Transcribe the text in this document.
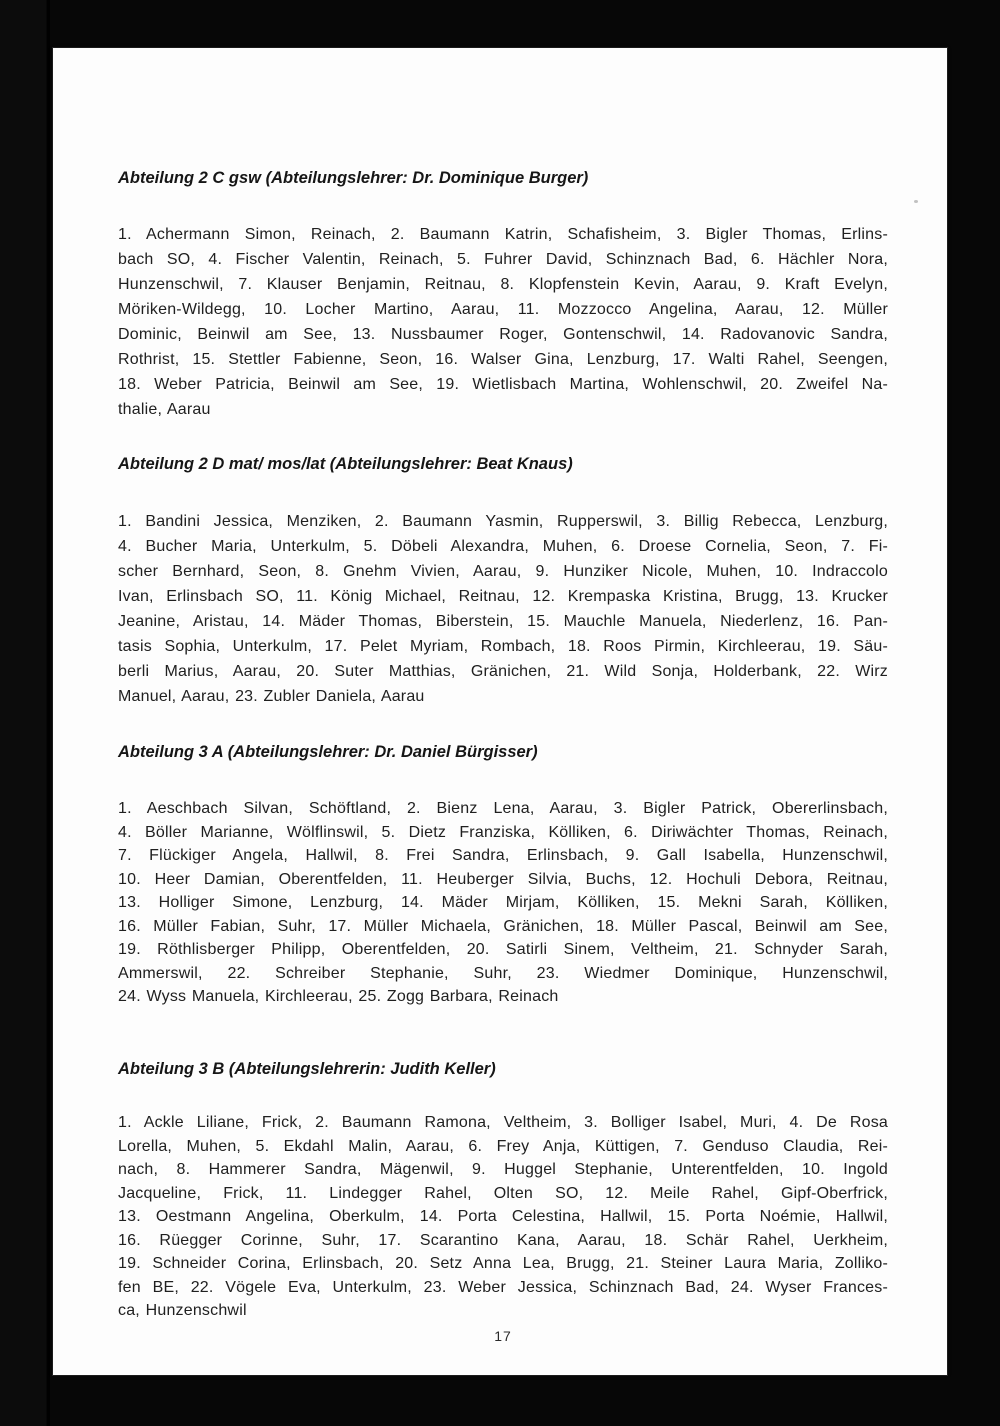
Abteilung 2 C gsw (Abteilungslehrer: Dr. Dominique Burger)
1. Achermann Simon, Reinach, 2. Baumann Katrin, Schafisheim, 3. Bigler Thomas, Erlins-
bach SO, 4. Fischer Valentin, Reinach, 5. Fuhrer David, Schinznach Bad, 6. Hächler Nora,
Hunzenschwil, 7. Klauser Benjamin, Reitnau, 8. Klopfenstein Kevin, Aarau, 9. Kraft Evelyn,
Möriken-Wildegg, 10. Locher Martino, Aarau, 11. Mozzocco Angelina, Aarau, 12. Müller
Dominic, Beinwil am See, 13. Nussbaumer Roger, Gontenschwil, 14. Radovanovic Sandra,
Rothrist, 15. Stettler Fabienne, Seon, 16. Walser Gina, Lenzburg, 17. Walti Rahel, Seengen,
18. Weber Patricia, Beinwil am See, 19. Wietlisbach Martina, Wohlenschwil, 20. Zweifel Na-
thalie, Aarau
Abteilung 2 D mat/ mos/lat (Abteilungslehrer: Beat Knaus)
1. Bandini Jessica, Menziken, 2. Baumann Yasmin, Rupperswil, 3. Billig Rebecca, Lenzburg,
4. Bucher Maria, Unterkulm, 5. Döbeli Alexandra, Muhen, 6. Droese Cornelia, Seon, 7. Fi-
scher Bernhard, Seon, 8. Gnehm Vivien, Aarau, 9. Hunziker Nicole, Muhen, 10. Indraccolo
Ivan, Erlinsbach SO, 11. König Michael, Reitnau, 12. Krempaska Kristina, Brugg, 13. Krucker
Jeanine, Aristau, 14. Mäder Thomas, Biberstein, 15. Mauchle Manuela, Niederlenz, 16. Pan-
tasis Sophia, Unterkulm, 17. Pelet Myriam, Rombach, 18. Roos Pirmin, Kirchleerau, 19. Säu-
berli Marius, Aarau, 20. Suter Matthias, Gränichen, 21. Wild Sonja, Holderbank, 22. Wirz
Manuel, Aarau, 23. Zubler Daniela, Aarau
Abteilung 3 A (Abteilungslehrer: Dr. Daniel Bürgisser)
1. Aeschbach Silvan, Schöftland, 2. Bienz Lena, Aarau, 3. Bigler Patrick, Obererlinsbach,
4. Böller Marianne, Wölflinswil, 5. Dietz Franziska, Kölliken, 6. Diriwächter Thomas, Reinach,
7. Flückiger Angela, Hallwil, 8. Frei Sandra, Erlinsbach, 9. Gall Isabella, Hunzenschwil,
10. Heer Damian, Oberentfelden, 11. Heuberger Silvia, Buchs, 12. Hochuli Debora, Reitnau,
13. Holliger Simone, Lenzburg, 14. Mäder Mirjam, Kölliken, 15. Mekni Sarah, Kölliken,
16. Müller Fabian, Suhr, 17. Müller Michaela, Gränichen, 18. Müller Pascal, Beinwil am See,
19. Röthlisberger Philipp, Oberentfelden, 20. Satirli Sinem, Veltheim, 21. Schnyder Sarah,
Ammerswil, 22. Schreiber Stephanie, Suhr, 23. Wiedmer Dominique, Hunzenschwil,
24. Wyss Manuela, Kirchleerau, 25. Zogg Barbara, Reinach
Abteilung 3 B (Abteilungslehrerin: Judith Keller)
1. Ackle Liliane, Frick, 2. Baumann Ramona, Veltheim, 3. Bolliger Isabel, Muri, 4. De Rosa
Lorella, Muhen, 5. Ekdahl Malin, Aarau, 6. Frey Anja, Küttigen, 7. Genduso Claudia, Rei-
nach, 8. Hammerer Sandra, Mägenwil, 9. Huggel Stephanie, Unterentfelden, 10. Ingold
Jacqueline, Frick, 11. Lindegger Rahel, Olten SO, 12. Meile Rahel, Gipf-Oberfrick,
13. Oestmann Angelina, Oberkulm, 14. Porta Celestina, Hallwil, 15. Porta Noémie, Hallwil,
16. Rüegger Corinne, Suhr, 17. Scarantino Kana, Aarau, 18. Schär Rahel, Uerkheim,
19. Schneider Corina, Erlinsbach, 20. Setz Anna Lea, Brugg, 21. Steiner Laura Maria, Zolliko-
fen BE, 22. Vögele Eva, Unterkulm, 23. Weber Jessica, Schinznach Bad, 24. Wyser Frances-
ca, Hunzenschwil
17
